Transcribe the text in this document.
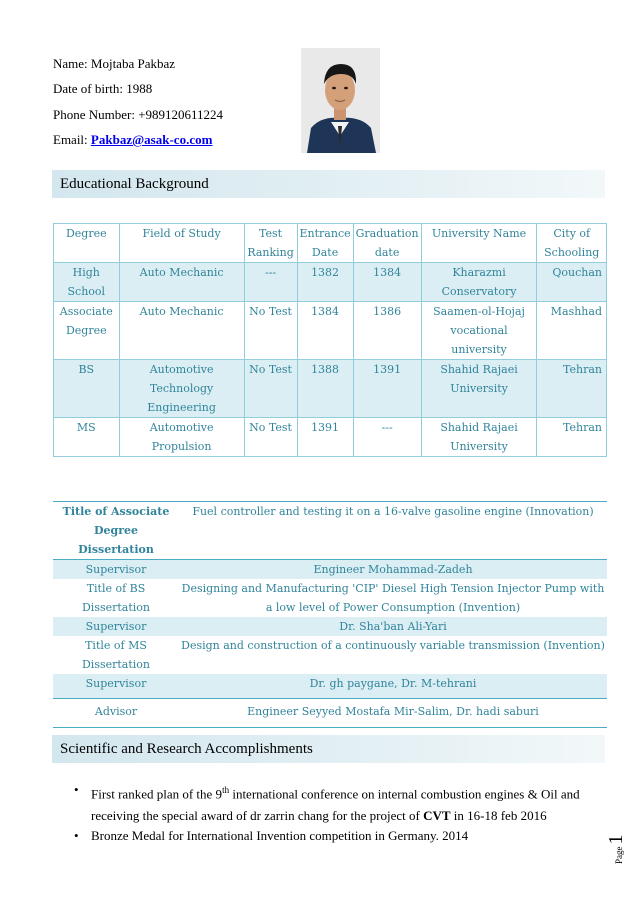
Name: Mojtaba Pakbaz
Date of birth: 1988
Phone Number: +989120611224
Email: Pakbaz@asak-co.com
Educational Background
Degree	Field of Study	Test Ranking	Entrance Date	Graduation date	University Name	City of Schooling
High School	Auto Mechanic	---	1382	1384	Kharazmi Conservatory	Qouchan
Associate Degree	Auto Mechanic	No Test	1384	1386	Saamen-ol-Hojaj vocational university	Mashhad
BS	Automotive Technology Engineering	No Test	1388	1391	Shahid Rajaei University	Tehran
MS	Automotive Propulsion	No Test	1391	---	Shahid Rajaei University	Tehran
Title of Associate Degree Dissertation	Fuel controller and testing it on a 16-valve gasoline engine (Innovation)
Supervisor	Engineer Mohammad-Zadeh
Title of BS Dissertation	Designing and Manufacturing 'CIP' Diesel High Tension Injector Pump with a low level of Power Consumption (Invention)
Supervisor	Dr. Sha'ban Ali-Yari
Title of MS Dissertation	Design and construction of a continuously variable transmission (Invention)
Supervisor	Dr. gh paygane, Dr. M-tehrani
Advisor	Engineer Seyyed Mostafa Mir-Salim, Dr. hadi saburi
Scientific and Research Accomplishments
• First ranked plan of the 9th international conference on internal combustion engines & Oil and receiving the special award of dr zarrin chang for the project of CVT in 16-18 feb 2016
• Bronze Medal for International Invention competition in Germany. 2014
Page1
